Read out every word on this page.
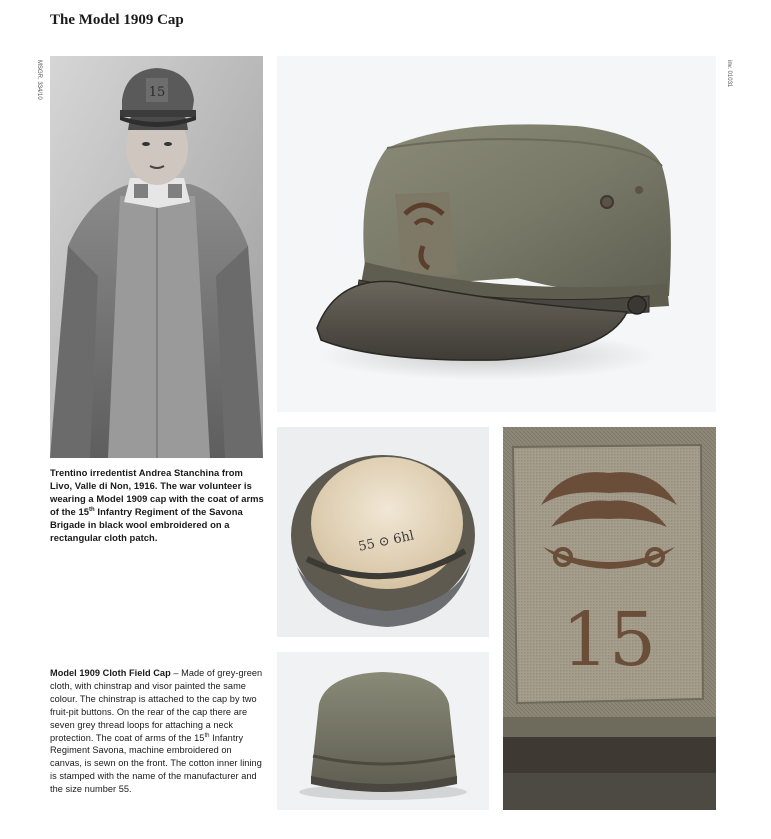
The Model 1909 Cap
MSGR. 334/10	inv. 01031
15
55 ⊙ 6hl
15
Trentino irredentist Andrea Stanchina from Livo, Valle di Non, 1916. The war volunteer is wearing a Model 1909 cap with the coat of arms of the 15th Infantry Regiment of the Savona Brigade in black wool embroidered on a rectangular cloth patch.
Model 1909 Cloth Field Cap – Made of grey-green cloth, with chinstrap and visor painted the same colour. The chinstrap is attached to the cap by two fruit-pit buttons. On the rear of the cap there are seven grey thread loops for attaching a neck protection. The coat of arms of the 15th Infantry Regiment Savona, machine embroidered on canvas, is sewn on the front. The cotton inner lining is stamped with the name of the manufacturer and the size number 55.
